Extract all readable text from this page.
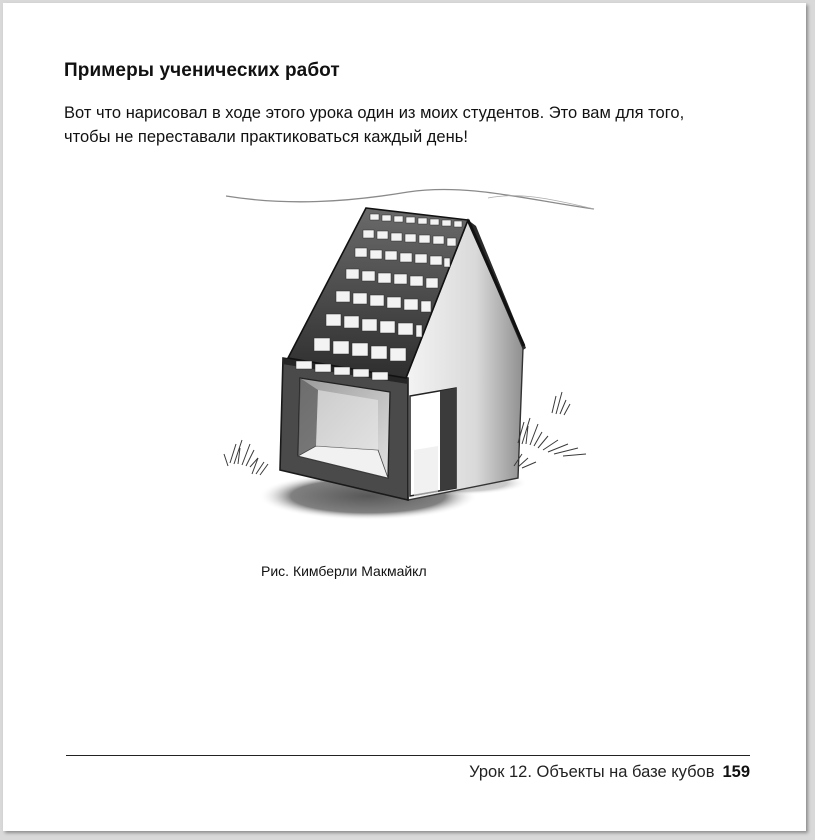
Примеры ученических работ

Вот что нарисовал в ходе этого урока один из моих студентов. Это вам для того,
чтобы не переставали практиковаться каждый день!

Рис. Кимберли Макмайкл

Урок 12. Объекты на базе кубов 159
